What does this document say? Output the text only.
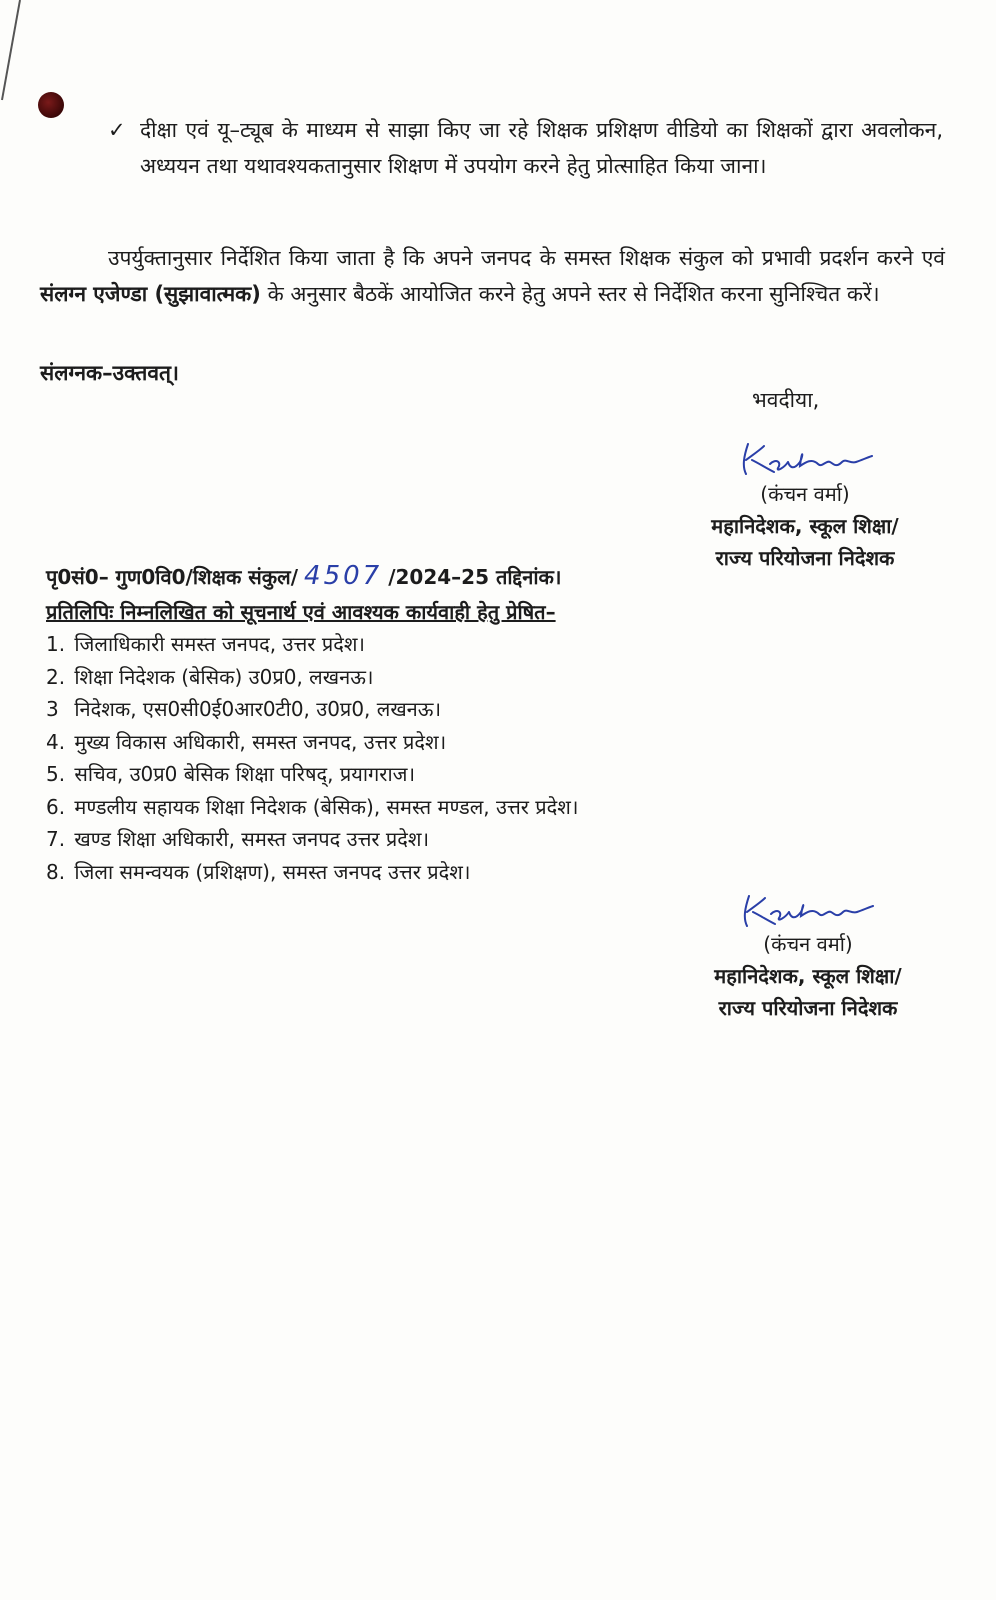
✓ दीक्षा एवं यू–ट्यूब के माध्यम से साझा किए जा रहे शिक्षक प्रशिक्षण वीडियो का शिक्षकों द्वारा अवलोकन, अध्ययन तथा यथावश्यकतानुसार शिक्षण में उपयोग करने हेतु प्रोत्साहित किया जाना।
उपर्युक्तानुसार निर्देशित किया जाता है कि अपने जनपद के समस्त शिक्षक संकुल को प्रभावी प्रदर्शन करने एवं संलग्न एजेण्डा (सुझावात्मक) के अनुसार बैठकें आयोजित करने हेतु अपने स्तर से निर्देशित करना सुनिश्चित करें।
संलग्नक–उक्तवत्।
भवदीया,
(कंचन वर्मा)
महानिदेशक, स्कूल शिक्षा/
राज्य परियोजना निदेशक
पृ0सं0– गुण0वि0/शिक्षक संकुल/ 4507 /2024–25 तद्दिनांक।
प्रतिलिपिः निम्नलिखित को सूचनार्थ एवं आवश्यक कार्यवाही हेतु प्रेषित–
1. जिलाधिकारी समस्त जनपद, उत्तर प्रदेश।
2. शिक्षा निदेशक (बेसिक) उ0प्र0, लखनऊ।
3 निदेशक, एस0सी0ई0आर0टी0, उ0प्र0, लखनऊ।
4. मुख्य विकास अधिकारी, समस्त जनपद, उत्तर प्रदेश।
5. सचिव, उ0प्र0 बेसिक शिक्षा परिषद्, प्रयागराज।
6. मण्डलीय सहायक शिक्षा निदेशक (बेसिक), समस्त मण्डल, उत्तर प्रदेश।
7. खण्ड शिक्षा अधिकारी, समस्त जनपद उत्तर प्रदेश।
8. जिला समन्वयक (प्रशिक्षण), समस्त जनपद उत्तर प्रदेश।
(कंचन वर्मा)
महानिदेशक, स्कूल शिक्षा/
राज्य परियोजना निदेशक
